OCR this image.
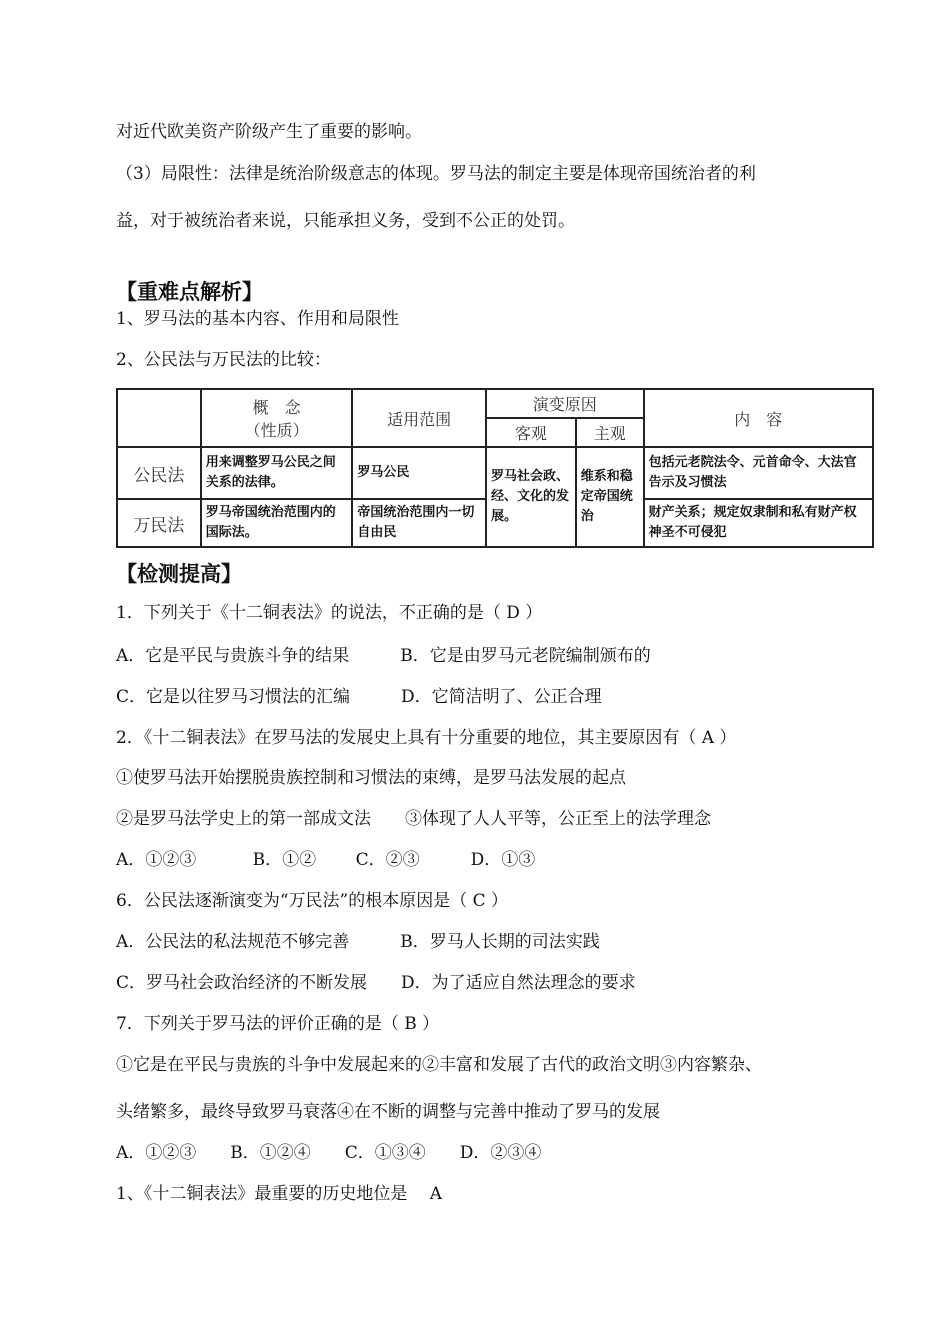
对近代欧美资产阶级产生了重要的影响。
（3）局限性：法律是统治阶级意志的体现。罗马法的制定主要是体现帝国统治者的利
益，对于被统治者来说，只能承担义务，受到不公正的处罚。
【重难点解析】
1、罗马法的基本内容、作用和局限性
2、公民法与万民法的比较：

	概　念
（性质）	适用范围	演变原因		内　容
			客观	主观	
公民法	用来调整罗马公民之间关系的法律。	罗马公民	罗马社会政、经、文化的发展。	维系和稳定帝国统治	包括元老院法令、元首命令、大法官告示及习惯法
万民法	罗马帝国统治范围内的国际法。	帝国统治范围内一切自由民			财产关系；规定奴隶制和私有财产权神圣不可侵犯
【检测提高】
1．下列关于《十二铜表法》的说法，不正确的是（ D ）
A．它是平民与贵族斗争的结果　　　B．它是由罗马元老院编制颁布的
C．它是以往罗马习惯法的汇编　　　D．它简洁明了、公正合理
2．《十二铜表法》在罗马法的发展史上具有十分重要的地位，其主要原因有（ A ）
①使罗马法开始摆脱贵族控制和习惯法的束缚，是罗马法发展的起点
②是罗马法学史上的第一部成文法　　③体现了人人平等，公正至上的法学理念
A．①②③　　　 B．①②　　 C．②③　　　D．①③
6．公民法逐渐演变为“万民法”的根本原因是（ C ）
A．公民法的私法规范不够完善　　　B．罗马人长期的司法实践
C．罗马社会政治经济的不断发展　　D．为了适应自然法理念的要求
7．下列关于罗马法的评价正确的是（ B ）
①它是在平民与贵族的斗争中发展起来的②丰富和发展了古代的政治文明③内容繁杂、
头绪繁多，最终导致罗马衰落④在不断的调整与完善中推动了罗马的发展
A．①②③　　B．①②④　　C．①③④　　D．②③④
1、《十二铜表法》最重要的历史地位是　 A
